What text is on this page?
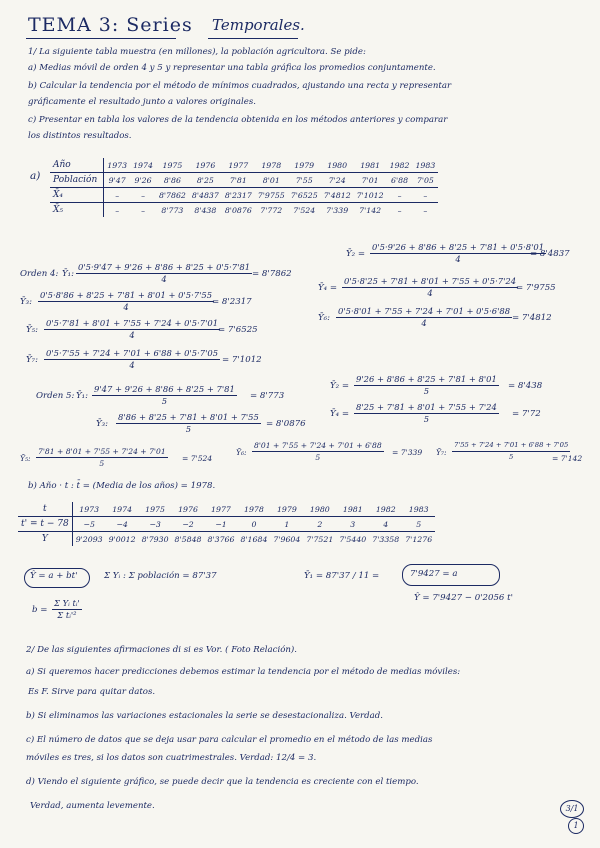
TEMA 3: Series Temporales.
1/ La siguiente tabla muestra (en millones), la población agricultora. Se pide:
a) Medias móvil de orden 4 y 5 y representar una tabla gráfica los promedios conjuntamente.
b) Calcular la tendencia por el método de mínimos cuadrados, ajustando una recta y representar
gráficamente el resultado junto a valores originales.
c) Presentar en tabla los valores de la tendencia obtenida en los métodos anteriores y comparar
los distintos resultados.
a)
Año	1973	1974	1975	1976	1977	1978	1979	1980	1981	1982	1983
Población	9'47	9'26	8'86	8'25	7'81	8'01	7'55	7'24	7'01	6'88	7'05
X̄₄	–	–	8'7862	8'4837	8'2317	7'9755	7'6525	7'4812	7'1012	–	–
X̄₅	–	–	8'773	8'438	8'0876	7'772	7'524	7'339	7'142	–	–
Orden 4: Ȳ₁: $\frac{0'5\cdot 9'47 + 9'26 + 8'86 + 8'25 + 0'5\cdot 7'81}{4} = 8'7862$
Ȳ₂ = $\frac{0'5\cdot 9'26 + 8'86 + 8'25 + 7'81 + 0'5\cdot 8'01}{4}$
= 8'4837
Ȳ₃: $\frac{0'5\cdot 8'86 + 8'25 + 7'81 + 8'01 + 0'5\cdot 7'55}{4}$
= 8'2317
Ȳ₄ = $\frac{0'5\cdot 8'25 + 7'81 + 8'01 + 7'55 + 0'5\cdot 7'24}{4}$
= 7'9755
Ȳ₅: $\frac{0'5\cdot 7'81 + 8'01 + 7'55 + 7'24 + 0'5\cdot 7'01}{4}$
= 7'6525
Ȳ₆: $\frac{0'5\cdot 8'01 + 7'55 + 7'24 + 7'01 + 0'5\cdot 6'88}{4} = 7'4812$
Ȳ₇: $\frac{0'5\cdot 7'55 + 7'24 + 7'01 + 6'88 + 0'5\cdot 7'05}{4} = 7'1012$
Orden 5: Ȳ₁: $\frac{9'47 + 9'26 + 8'86 + 8'25 + 7'81}{5} = 8'773$
Ȳ₂ = $\frac{9'26 + 8'86 + 8'25 + 7'81 + 8'01}{5} = 8'438$
Ȳ₃: $\frac{8'86 + 8'25 + 7'81 + 8'01 + 7'55}{5} = 8'0876$
Ȳ₄ = $\frac{8'25 + 7'81 + 8'01 + 7'55 + 7'24}{5} = 7'72$
Ȳ₅: $\frac{7'81 + 8'01 + 7'55 + 7'24 + 7'01}{5} = 7'524$
Ȳ₆: $\frac{8'01 + 7'55 + 7'24 + 7'01 + 6'88}{5} = 7'339$ Ȳ₇: $\frac{7'55 + 7'24 + 7'01 + 6'88 + 7'05}{5}$
= 7'142
b) Año · t : t̄ = (Media de los años) = 1978.
t	1973	1974	1975	1976	1977	1978	1979	1980	1981	1982	1983
t' = t − 78	−5	−4	−3	−2	−1	0	1	2	3	4	5
Y	9'2093	9'0012	8'7930	8'5848	8'3766	8'1684	7'9604	7'7521	7'5440	7'3358	7'1276
Ŷ = a + bt'	Σ Yᵢ : Σ población = 87'37	Ȳ₁ = 87'37 / 11 =	7'9427 = a
$b = \frac{\text{Σ Yᵢ tᵢ'}}{\text{Σ tᵢ'²}}$	Ŷ = 7'9427 − 0'2056 t'
2/ De las siguientes afirmaciones di si es Vor. ( Foto Relación).
a) Si queremos hacer predicciones debemos estimar la tendencia por el método de medias móviles:
Es F. Sirve para quitar datos.
b) Si eliminamos las variaciones estacionales la serie se desestacionaliza. Verdad.
c) El número de datos que se deja usar para calcular el promedio en el método de las medias
móviles es tres, si los datos son cuatrimestrales. Verdad: 12/4 = 3.
d) Viendo el siguiente gráfico, se puede decir que la tendencia es creciente con el tiempo.
Verdad, aumenta levemente.	3/1
1
